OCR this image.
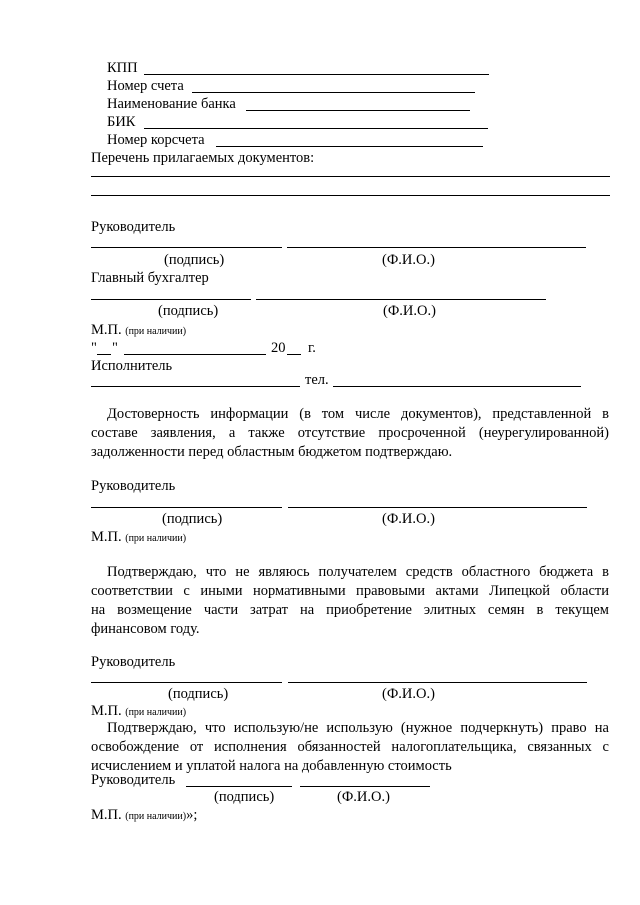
КПП
Номер счета
Наименование банка
БИК
Номер корсчета
Перечень прилагаемых документов:
Руководитель
(подпись)	(Ф.И.О.)
Главный бухгалтер
(подпись)	(Ф.И.О.)
М.П. (при наличии)
" "	20 г.
Исполнитель
тел.
Достоверность информации (в том числе документов), представленной в
составе заявления, а также отсутствие просроченной (неурегулированной)
задолженности перед областным бюджетом подтверждаю.
Руководитель
(подпись)	(Ф.И.О.)
М.П. (при наличии)
Подтверждаю, что не являюсь получателем средств областного бюджета в
соответствии с иными нормативными правовыми актами Липецкой области
на возмещение части затрат на приобретение элитных семян в текущем
финансовом году.
Руководитель
(подпись)	(Ф.И.О.)
М.П. (при наличии)
Подтверждаю, что использую/не использую (нужное подчеркнуть) право на
освобождение от исполнения обязанностей налогоплательщика, связанных с
исчислением и уплатой налога на добавленную стоимость
Руководитель
(подпись)	(Ф.И.О.)
М.П. (при наличии)»;
